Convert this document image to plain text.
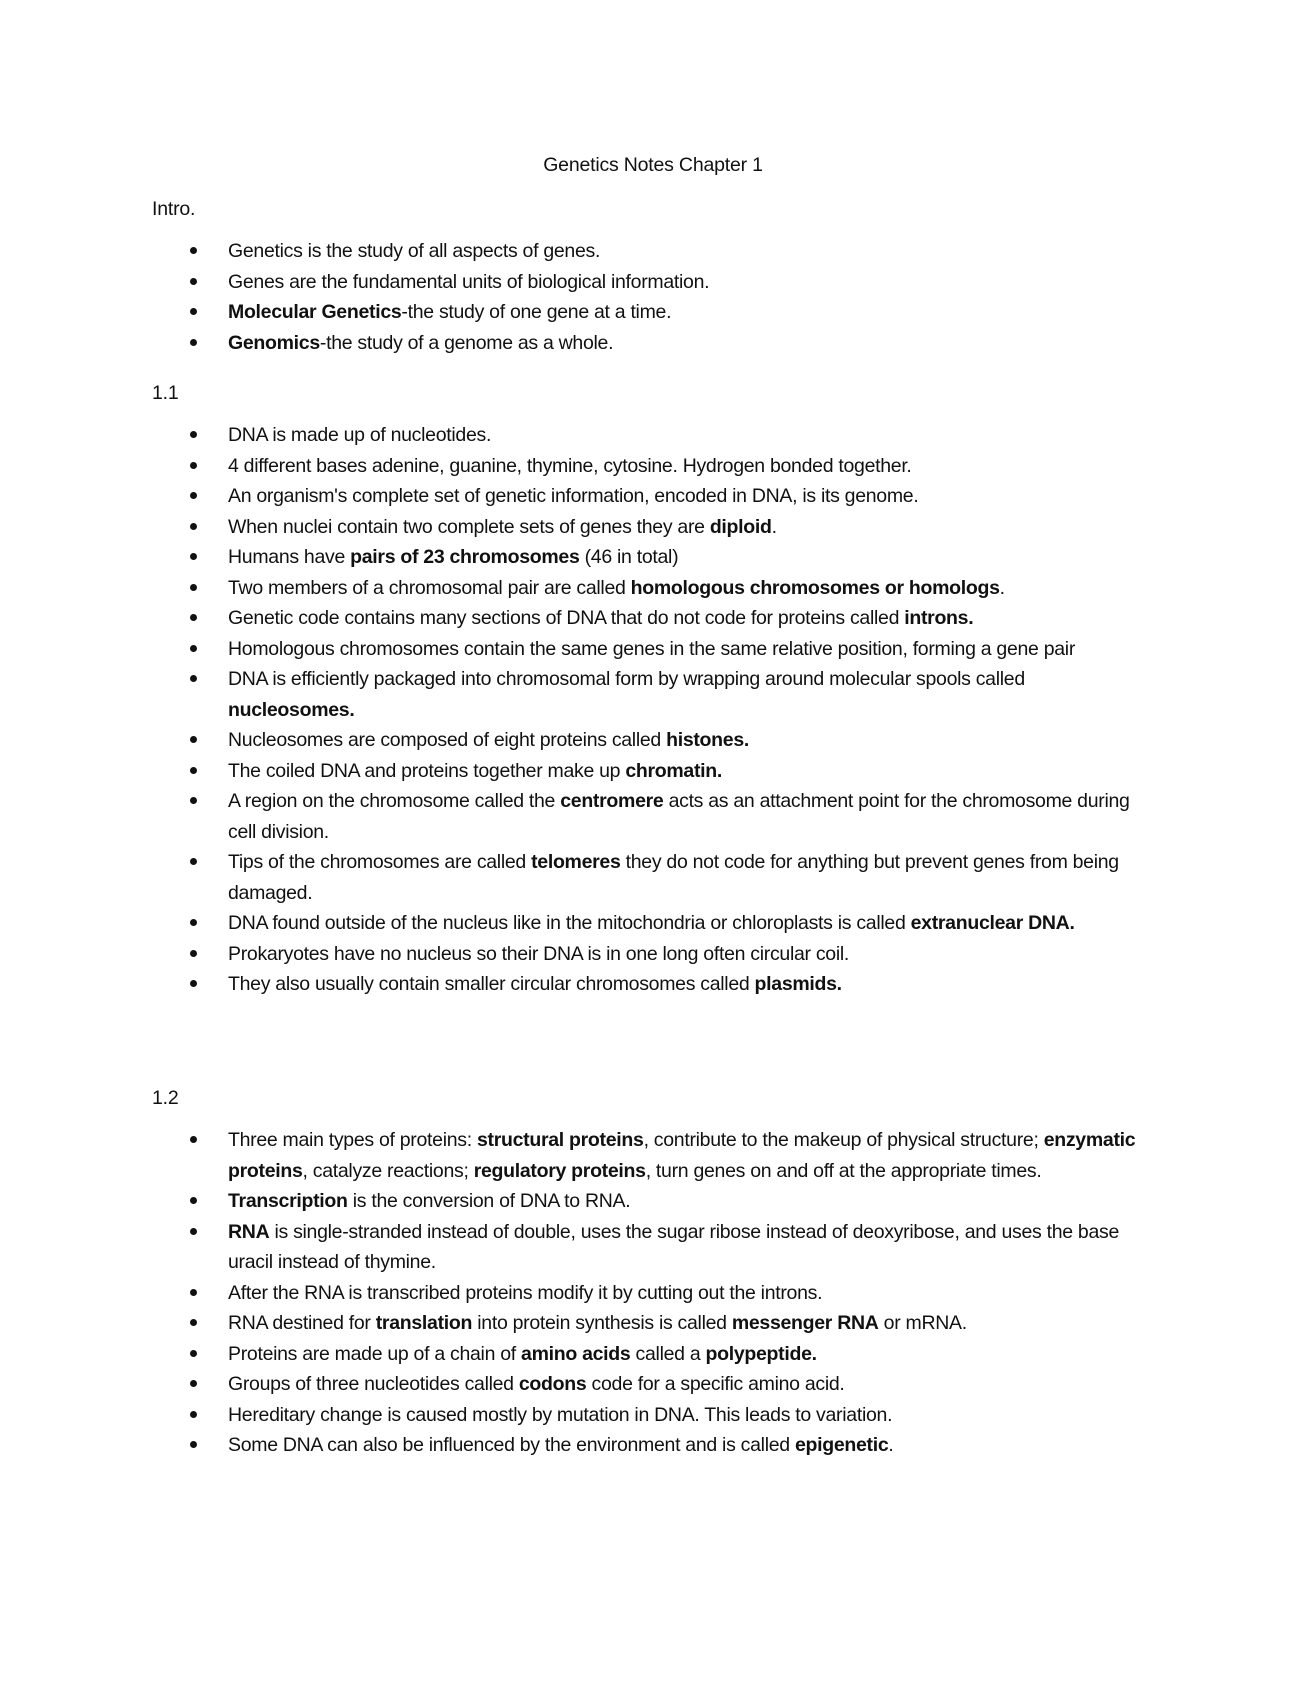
Genetics Notes Chapter 1
Intro.
Genetics is the study of all aspects of genes.
Genes are the fundamental units of biological information.
Molecular Genetics-the study of one gene at a time.
Genomics-the study of a genome as a whole.
1.1
DNA is made up of nucleotides.
4 different bases adenine, guanine, thymine, cytosine. Hydrogen bonded together.
An organism's complete set of genetic information, encoded in DNA, is its genome.
When nuclei contain two complete sets of genes they are diploid.
Humans have pairs of 23 chromosomes (46 in total)
Two members of a chromosomal pair are called homologous chromosomes or homologs.
Genetic code contains many sections of DNA that do not code for proteins called introns.
Homologous chromosomes contain the same genes in the same relative position, forming a gene pair
DNA is efficiently packaged into chromosomal form by wrapping around molecular spools called nucleosomes.
Nucleosomes are composed of eight proteins called histones.
The coiled DNA and proteins together make up chromatin.
A region on the chromosome called the centromere acts as an attachment point for the chromosome during cell division.
Tips of the chromosomes are called telomeres they do not code for anything but prevent genes from being damaged.
DNA found outside of the nucleus like in the mitochondria or chloroplasts is called extranuclear DNA.
Prokaryotes have no nucleus so their DNA is in one long often circular coil.
They also usually contain smaller circular chromosomes called plasmids.
1.2
Three main types of proteins: structural proteins, contribute to the makeup of physical structure; enzymatic proteins, catalyze reactions; regulatory proteins, turn genes on and off at the appropriate times.
Transcription is the conversion of DNA to RNA.
RNA is single-stranded instead of double, uses the sugar ribose instead of deoxyribose, and uses the base uracil instead of thymine.
After the RNA is transcribed proteins modify it by cutting out the introns.
RNA destined for translation into protein synthesis is called messenger RNA or mRNA.
Proteins are made up of a chain of amino acids called a polypeptide.
Groups of three nucleotides called codons code for a specific amino acid.
Hereditary change is caused mostly by mutation in DNA. This leads to variation.
Some DNA can also be influenced by the environment and is called epigenetic.
